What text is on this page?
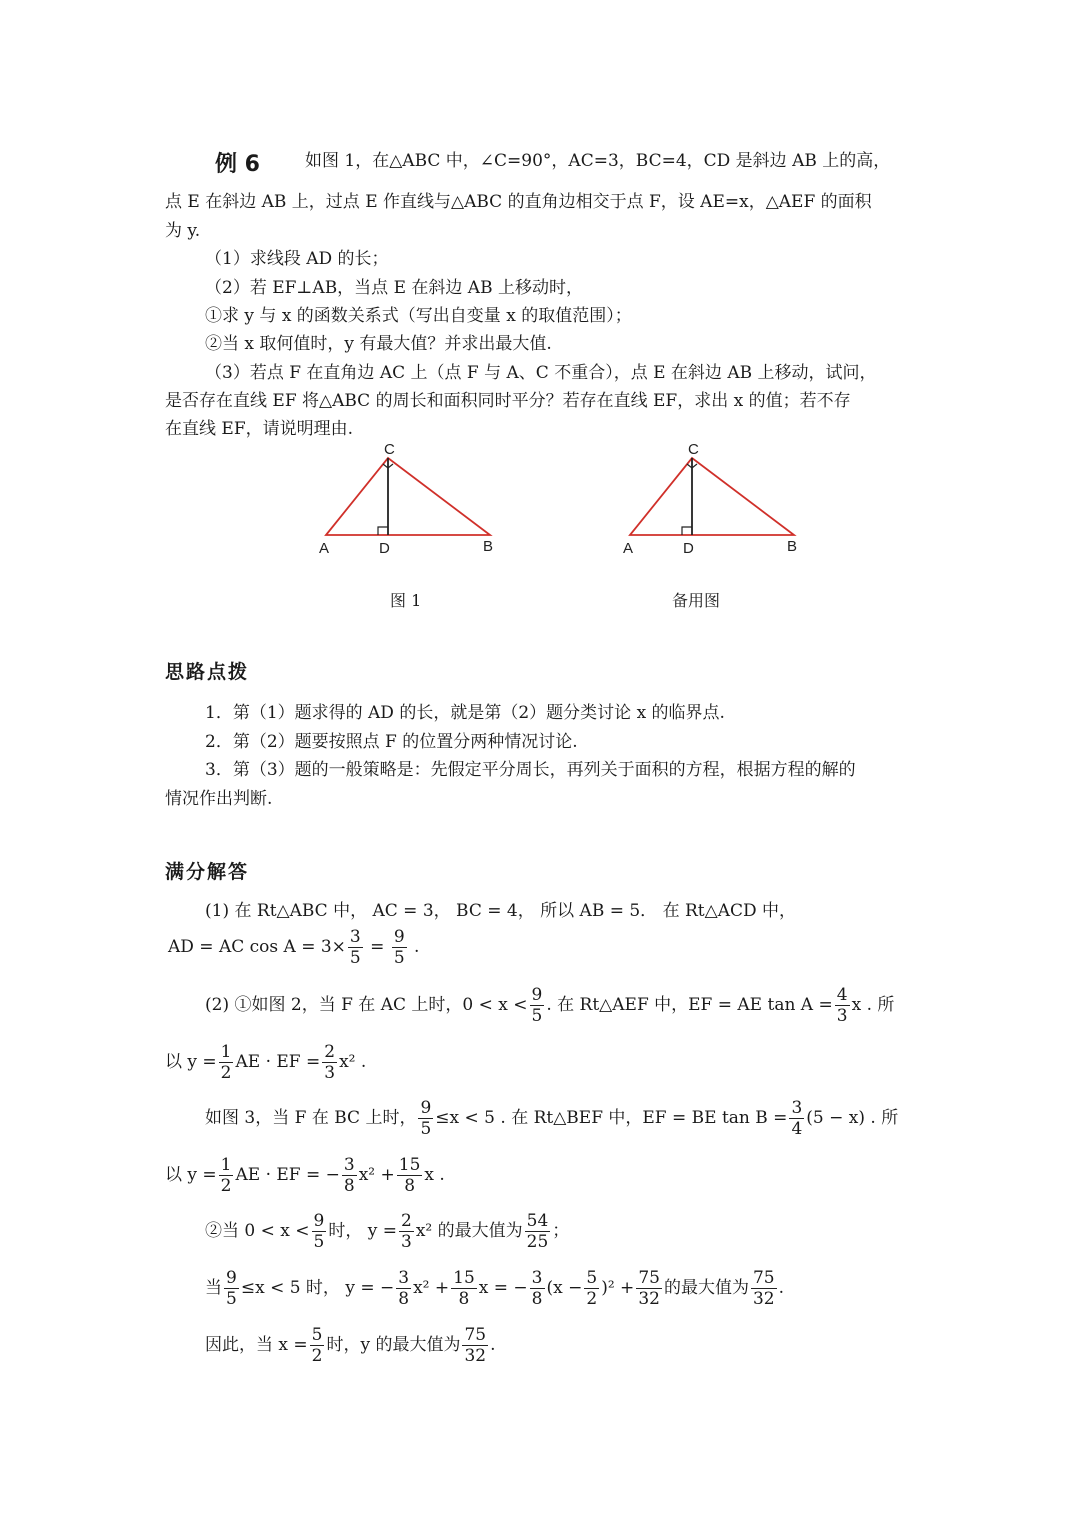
例 6	如图 1，在△ABC 中，∠C=90°，AC=3，BC=4，CD 是斜边 AB 上的高，
点 E 在斜边 AB 上，过点 E 作直线与△ABC 的直角边相交于点 F，设 AE=x，△AEF 的面积
为 y.
（1）求线段 AD 的长；
（2）若 EF⊥AB，当点 E 在斜边 AB 上移动时，
①求 y 与 x 的函数关系式（写出自变量 x 的取值范围）；
②当 x 取何值时，y 有最大值？并求出最大值.
（3）若点 F 在直角边 AC 上（点 F 与 A、C 不重合），点 E 在斜边 AB 上移动，试问，
是否存在直线 EF 将△ABC 的周长和面积同时平分？若存在直线 EF，求出 x 的值；若不存
在直线 EF，请说明理由.
A	D	B
C
图 1
A	D	B
C
备用图
思路点拨
1．第（1）题求得的 AD 的长，就是第（2）题分类讨论 x 的临界点.
2．第（2）题要按照点 F 的位置分两种情况讨论.
3．第（3）题的一般策略是：先假定平分周长，再列关于面积的方程，根据方程的解的
情况作出判断.
满分解答
(1) 在 Rt△ABC 中， AC = 3， BC = 4， 所以 AB = 5． 在 Rt△ACD 中，
AD = AC $\cos A = 3\times \frac{3}{5} = \frac{9}{5}$ .
(2) ①如图 2，当 F 在 AC 上时，$0 < x < \frac{9}{5}$ . 在 Rt△AEF 中，EF = AE $\tan A = \frac{4}{3}$ x . 所
以 $y = \frac{1}{2}$ AE · EF = $\frac{2}{3} x^2$ .
如图 3，当 F 在 BC 上时， $\frac{9}{5} \le x < 5$ . 在 Rt△BEF 中，EF = BE $\tan B = \frac{3}{4} (5 - x)$ . 所
以 $y = \frac{1}{2}$ AE · EF = − $\frac{3}{8} x^2 + \frac{15}{8}$ x .
②当 $0 < x < \frac{9}{5}$ 时， $y = \frac{2}{3} x^2$ 的最大值为 $\frac{54}{25}$ ；
当 $\frac{9}{5} \le x < 5$ 时， y = − $\frac{3}{8} x^2 + \frac{15}{8}$ x = − $\frac{3}{8} (x - \frac{5}{2} )^2 + \frac{75}{32}$ 的最大值为 $\frac{75}{32}$ .
因此，当 $x = \frac{5}{2}$ 时，y 的最大值为 $\frac{75}{32}$ .
